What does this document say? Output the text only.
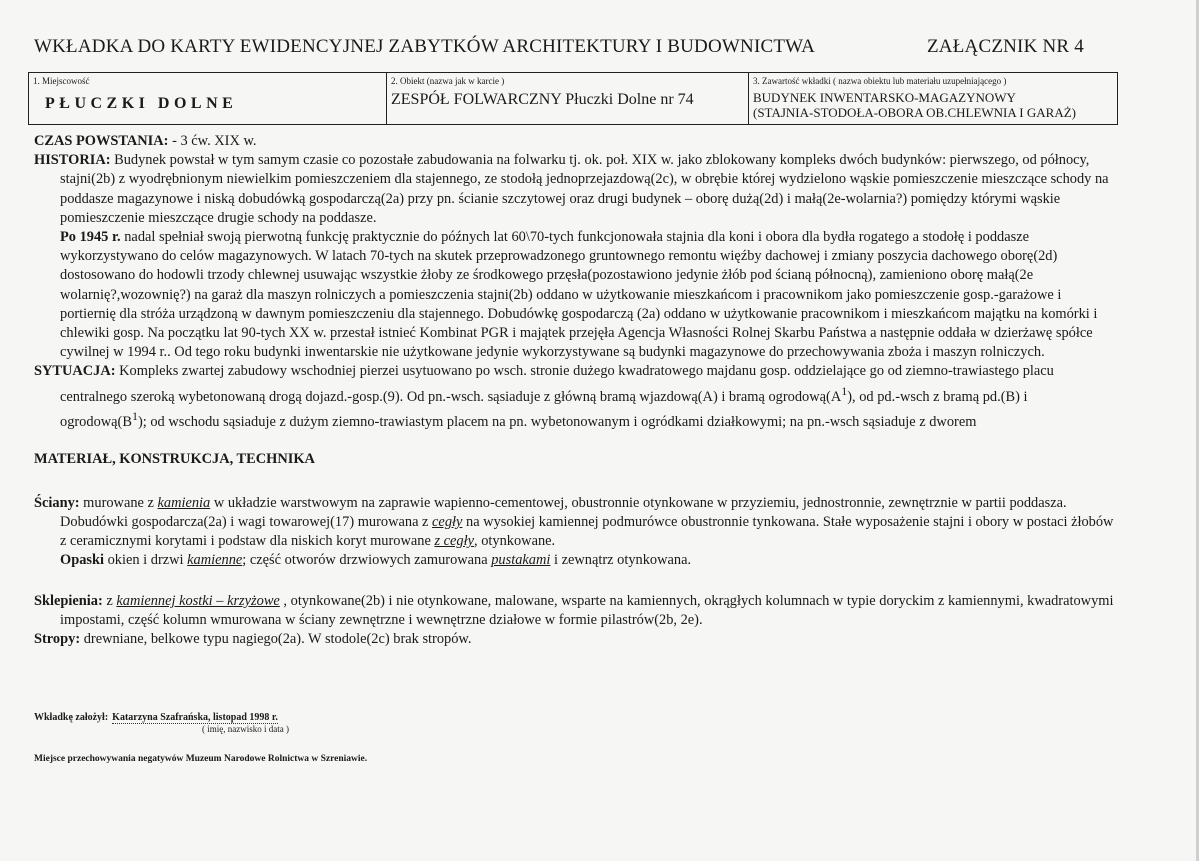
WKŁADKA DO KARTY EWIDENCYJNEJ ZABYTKÓW ARCHITEKTURY I BUDOWNICTWA	ZAŁĄCZNIK NR 4
1. Miejscowość
PŁUCZKI DOLNE

2. Obiekt (nazwa jak w karcie )
ZESPÓŁ FOLWARCZNY Płuczki Dolne nr 74

3. Zawartość wkładki ( nazwa obiektu lub materiału uzupełniającego )
BUDYNEK INWENTARSKO-MAGAZYNOWY
(STAJNIA-STODOŁA-OBORA OB.CHLEWNIA I GARAŻ)

CZAS POWSTANIA: - 3 ćw. XIX w.

HISTORIA: Budynek powstał w tym samym czasie co pozostałe zabudowania na folwarku tj. ok. poł. XIX w. jako zblokowany kompleks dwóch budynków: pierwszego, od północy, stajni(2b) z wyodrębnionym niewielkim pomieszczeniem dla stajennego, ze stodołą jednoprzejazdową(2c), w obrębie której wydzielono wąskie pomieszczenie mieszczące schody na poddasze magazynowe i niską dobudówką gospodarczą(2a) przy pn. ścianie szczytowej oraz drugi budynek – oborę dużą(2d) i małą(2e-wolarnia?) pomiędzy którymi wąskie pomieszczenie mieszczące drugie schody na poddasze.

Po 1945 r. nadal spełniał swoją pierwotną funkcję praktycznie do późnych lat 60\70-tych funkcjonowała stajnia dla koni i obora dla bydła rogatego a stodołę i poddasze wykorzystywano do celów magazynowych. W latach 70-tych na skutek przeprowadzonego gruntownego remontu więźby dachowej i zmiany poszycia dachowego oborę(2d) dostosowano do hodowli trzody chlewnej usuwając wszystkie żłoby ze środkowego przęsła(pozostawiono jedynie żłób pod ścianą północną), zamieniono oborę małą(2e wolarnię?,wozownię?) na garaż dla maszyn rolniczych a pomieszczenia stajni(2b) oddano w użytkowanie mieszkańcom i pracownikom jako pomieszczenie gosp.-garażowe i portiernię dla stróża urządzoną w dawnym pomieszczeniu dla stajennego. Dobudówkę gospodarczą (2a) oddano w użytkowanie pracownikom i mieszkańcom majątku na komórki i chlewiki gosp. Na początku lat 90-tych XX w. przestał istnieć Kombinat PGR i majątek przejęła Agencja Własności Rolnej Skarbu Państwa a następnie oddała w dzierżawę spółce cywilnej w 1994 r.. Od tego roku budynki inwentarskie nie użytkowane jedynie wykorzystywane są budynki magazynowe do przechowywania zboża i maszyn rolniczych.

SYTUACJA: Kompleks zwartej zabudowy wschodniej pierzei usytuowano po wsch. stronie dużego kwadratowego majdanu gosp. oddzielające go od ziemno-trawiastego placu centralnego szeroką wybetonowaną drogą dojazd.-gosp.(9). Od pn.-wsch. sąsiaduje z główną bramą wjazdową(A) i bramą $ogrodową(A^1)$, od pd.-wsch z bramą pd.(B) i $ogrodową(B^1)$; od wschodu sąsiaduje z dużym ziemno-trawiastym placem na pn. wybetonowanym i ogródkami działkowymi; na pn.-wsch sąsiaduje z dworem

MATERIAŁ, KONSTRUKCJA, TECHNIKA

Ściany: murowane z kamienia w układzie warstwowym na zaprawie wapienno-cementowej, obustronnie otynkowane w przyziemiu, jednostronnie, zewnętrznie w partii poddasza. Dobudówki gospodarcza(2a) i wagi towarowej(17) murowana z cegły na wysokiej kamiennej podmurówce obustronnie tynkowana. Stałe wyposażenie stajni i obory w postaci żłobów z ceramicznymi korytami i podstaw dla niskich koryt murowane z cegły, otynkowane.

Opaski okien i drzwi kamienne; część otworów drzwiowych zamurowana pustakami i zewnątrz otynkowana.

Sklepienia: z kamiennej kostki – krzyżowe , otynkowane(2b) i nie otynkowane, malowane, wsparte na kamiennych, okrągłych kolumnach w typie doryckim z kamiennymi, kwadratowymi impostami, część kolumn wmurowana w ściany zewnętrzne i wewnętrzne działowe w formie pilastrów(2b, 2e).

Stropy: drewniane, belkowe typu nagiego(2a). W stodole(2c) brak stropów.

Wkładkę założył: Katarzyna Szafrańska, listopad 1998 r.
( imię, nazwisko i data )
Miejsce przechowywania negatywów Muzeum Narodowe Rolnictwa w Szreniawie.
